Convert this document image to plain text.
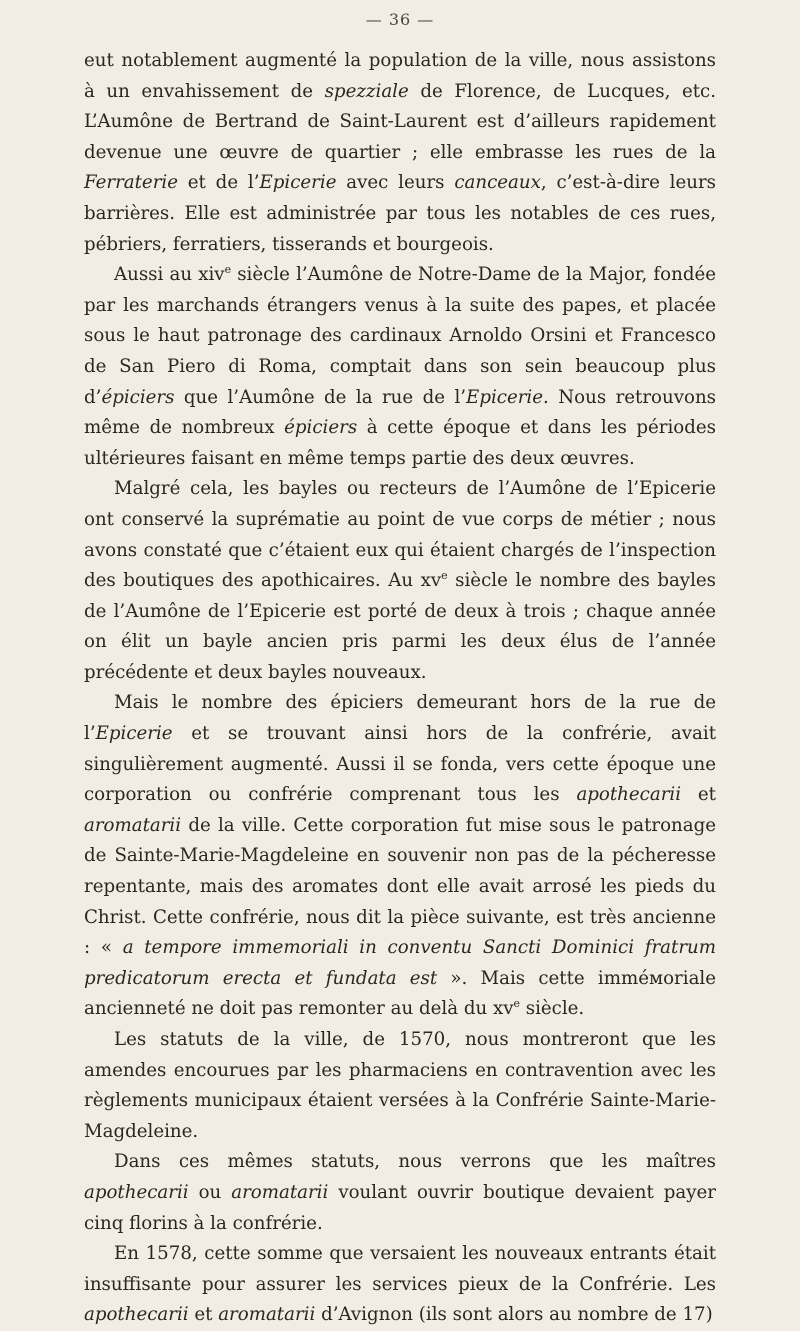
— 36 —

eut notablement augmenté la population de la ville, nous assistons à un envahissement de spezziale de Florence, de Lucques, etc. L’Aumône de Bertrand de Saint-Laurent est d’ailleurs rapidement devenue une œuvre de quartier ; elle embrasse les rues de la Ferraterie et de l’Epicerie avec leurs canceaux, c’est-à-dire leurs barrières. Elle est administrée par tous les notables de ces rues, pébriers, ferratiers, tisserands et bourgeois.

Aussi au xiv$^e$ siècle l’Aumône de Notre-Dame de la Major, fondée par les marchands étrangers venus à la suite des papes, et placée sous le haut patronage des cardinaux Arnoldo Orsini et Francesco de San Piero di Roma, comptait dans son sein beaucoup plus d’épiciers que l’Aumône de la rue de l’Epicerie. Nous retrouvons même de nombreux épiciers à cette époque et dans les périodes ultérieures faisant en même temps partie des deux œuvres.

Malgré cela, les bayles ou recteurs de l’Aumône de l’Epicerie ont conservé la suprématie au point de vue corps de métier ; nous avons constaté que c’étaient eux qui étaient chargés de l’inspection des boutiques des apothicaires. Au $xv^e$ siècle le nombre des bayles de l’Aumône de l’Epicerie est porté de deux à trois ; chaque année on élit un bayle ancien pris parmi les deux élus de l’année précédente et deux bayles nouveaux.

Mais le nombre des épiciers demeurant hors de la rue de l’Epicerie et se trouvant ainsi hors de la confrérie, avait singulièrement augmenté. Aussi il se fonda, vers cette époque une corporation ou confrérie comprenant tous les apothecarii et aromatarii de la ville. Cette corporation fut mise sous le patronage de Sainte-Marie-Magdeleine en souvenir non pas de la pécheresse repentante, mais des aromates dont elle avait arrosé les pieds du Christ. Cette confrérie, nous dit la pièce suivante, est très ancienne : « a tempore immemoriali in conventu Sancti Dominici fratrum predicatorum erecta et fundata est ». Mais cette imméмoriale ancienneté ne doit pas remonter au delà du $xv^e$ siècle.

Les statuts de la ville, de 1570, nous montreront que les amendes encourues par les pharmaciens en contravention avec les règlements municipaux étaient versées à la Confrérie Sainte-Marie-Magdeleine.

Dans ces mêmes statuts, nous verrons que les maîtres apothecarii ou aromatarii voulant ouvrir boutique devaient payer cinq florins à la confrérie.

En 1578, cette somme que versaient les nouveaux entrants était insuffisante pour assurer les services pieux de la Confrérie. Les apothecarii et aromatarii d’Avignon (ils sont alors au nombre de 17)
